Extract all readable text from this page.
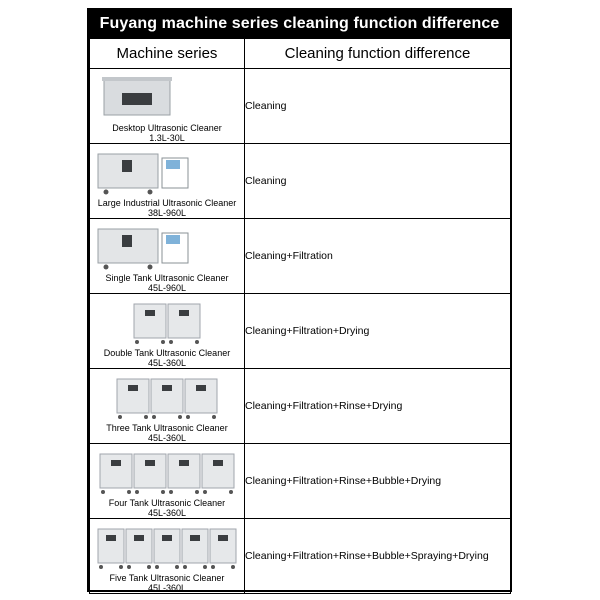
Fuyang machine series cleaning function difference
Machine series	Cleaning function difference

Desktop Ultrasonic Cleaner
1.3L-30L	Cleaning

Large Industrial Ultrasonic Cleaner
38L-960L	Cleaning

Single Tank Ultrasonic Cleaner
45L-960L	Cleaning+Filtration

Double Tank Ultrasonic Cleaner
45L-360L	Cleaning+Filtration+Drying

Three Tank Ultrasonic Cleaner
45L-360L	Cleaning+Filtration+Rinse+Drying

Four Tank Ultrasonic Cleaner
45L-360L	Cleaning+Filtration+Rinse+Bubble+Drying

Five Tank Ultrasonic Cleaner
45L-360L	Cleaning+Filtration+Rinse+Bubble+Spraying+Drying
